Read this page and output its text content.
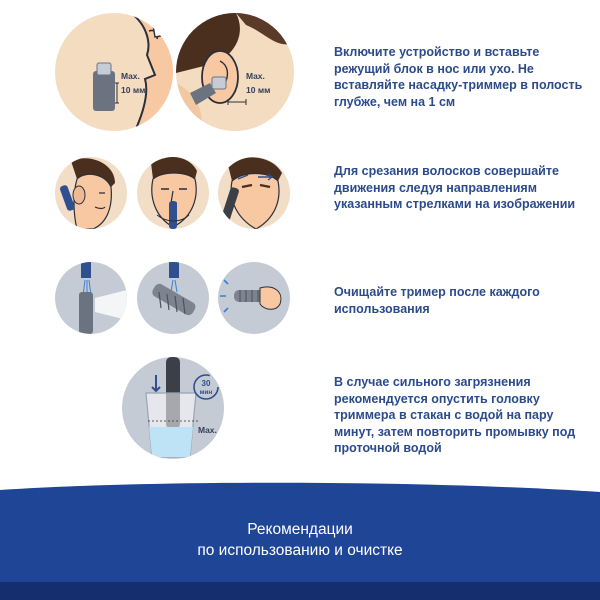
Max.
10 мм
Max.
10 мм
Включите устройство и вставьте режущий блок в нос или ухо. Не вставляйте насадку-триммер в полость глубже, чем на 1 см
Для срезания волосков совершайте движения следуя направлениям указанным стрелками на изображении
Очищайте тример после каждого использования
Max.
30
мин
В случае сильного загрязнения рекомендуется опустить головку триммера в стакан с водой на пару минут, затем повторить промывку под проточной водой
Рекомендации
по использованию и очистке
